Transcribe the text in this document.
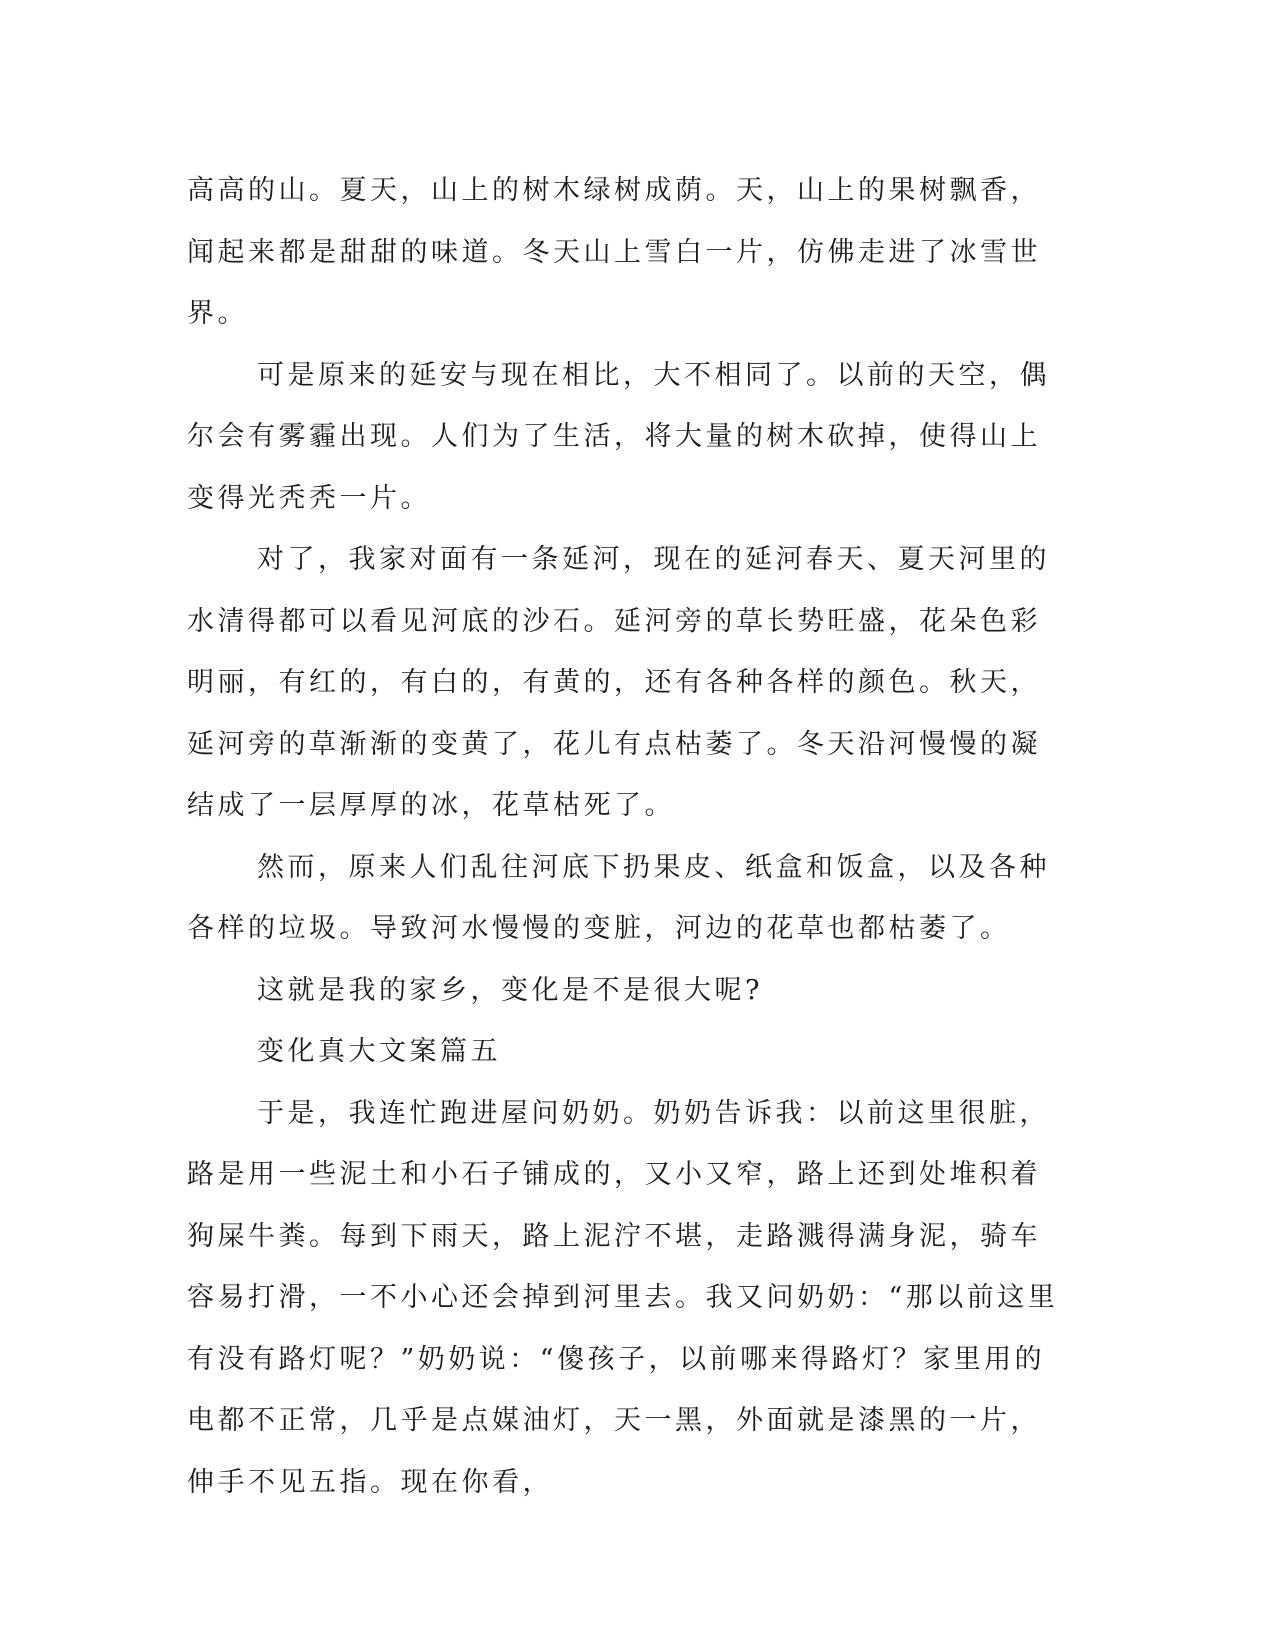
高高的山。夏天，山上的树木绿树成荫。天，山上的果树飘香，闻起来都是甜甜的味道。冬天山上雪白一片，仿佛走进了冰雪世界。

可是原来的延安与现在相比，大不相同了。以前的天空，偶尔会有雾霾出现。人们为了生活，将大量的树木砍掉，使得山上变得光秃秃一片。

对了，我家对面有一条延河，现在的延河春天、夏天河里的水清得都可以看见河底的沙石。延河旁的草长势旺盛，花朵色彩明丽，有红的，有白的，有黄的，还有各种各样的颜色。秋天，延河旁的草渐渐的变黄了，花儿有点枯萎了。冬天沿河慢慢的凝结成了一层厚厚的冰，花草枯死了。

然而，原来人们乱往河底下扔果皮、纸盒和饭盒，以及各种各样的垃圾。导致河水慢慢的变脏，河边的花草也都枯萎了。

这就是我的家乡，变化是不是很大呢?

变化真大文案篇五

于是，我连忙跑进屋问奶奶。奶奶告诉我：以前这里很脏，路是用一些泥土和小石子铺成的，又小又窄，路上还到处堆积着狗屎牛粪。每到下雨天，路上泥泞不堪，走路溅得满身泥，骑车容易打滑，一不小心还会掉到河里去。我又问奶奶：“那以前这里有没有路灯呢？”奶奶说：“傻孩子，以前哪来得路灯？家里用的电都不正常，几乎是点媒油灯，天一黑，外面就是漆黑的一片，伸手不见五指。现在你看，
